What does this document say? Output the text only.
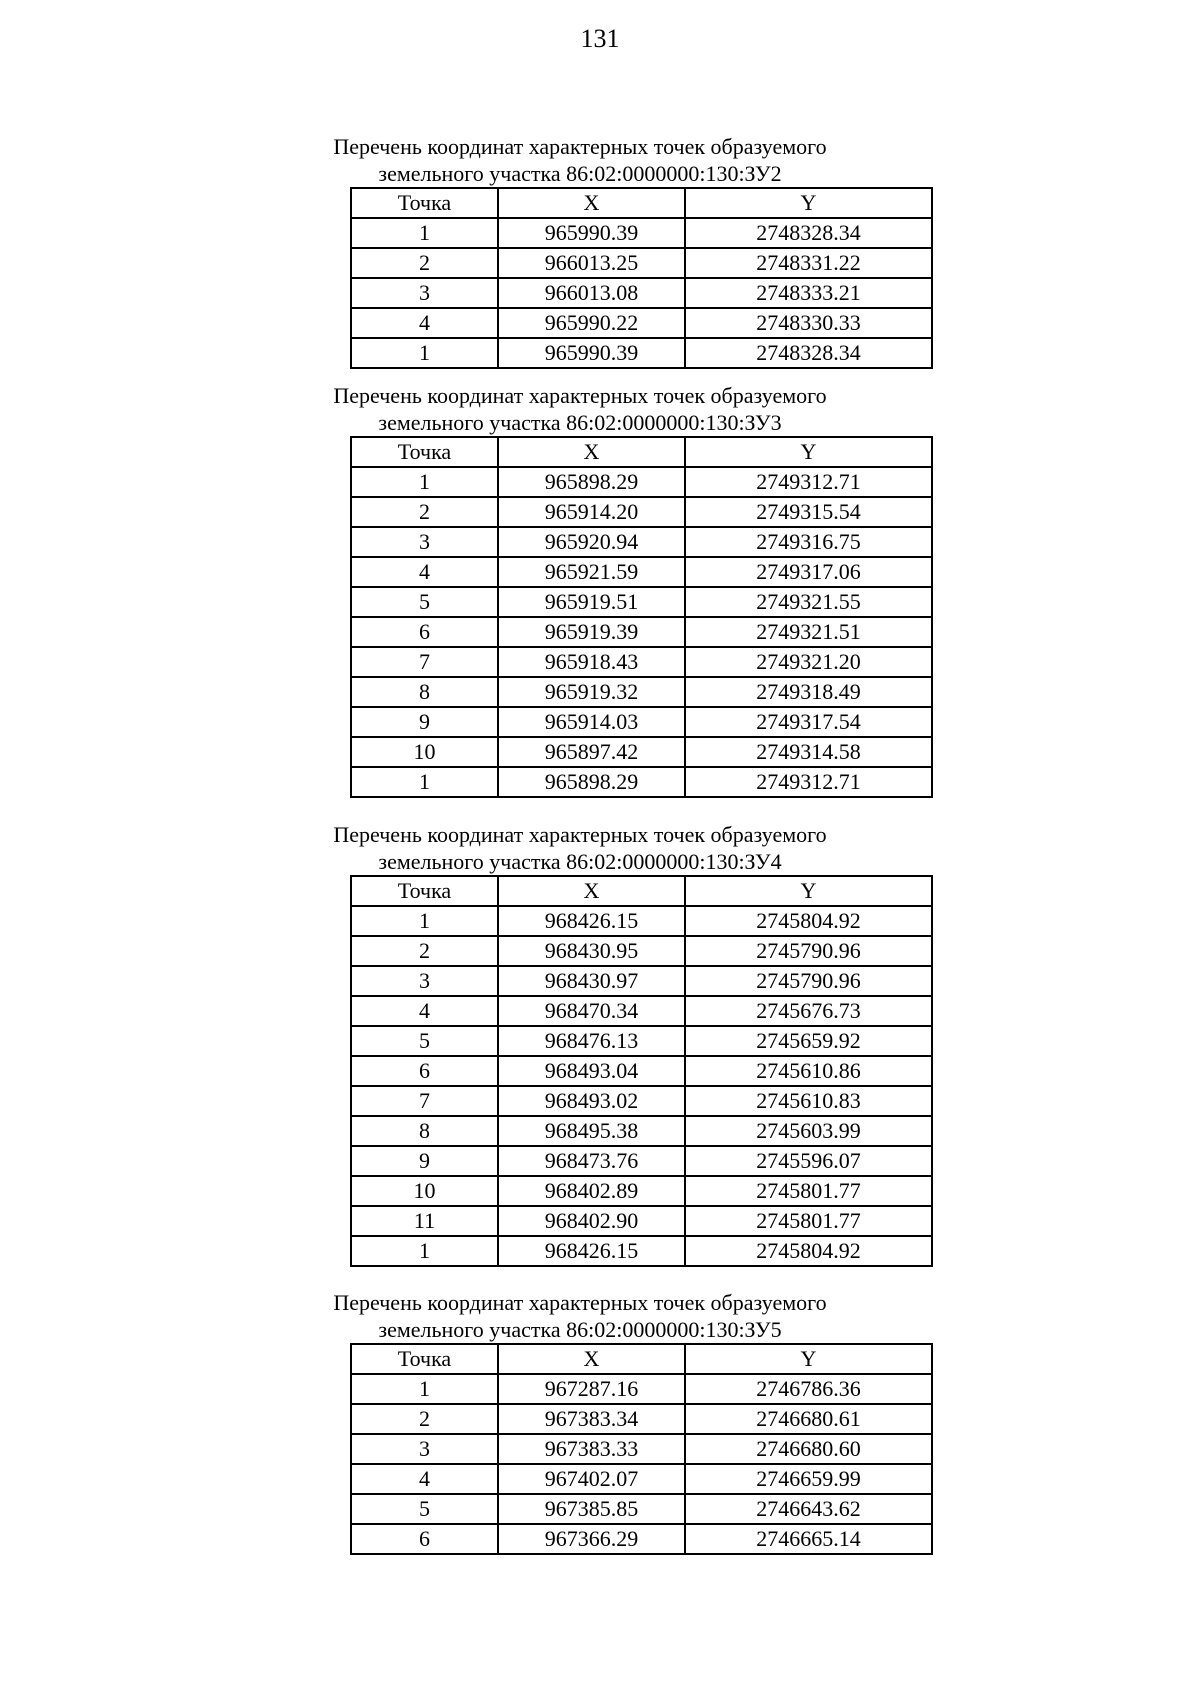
131
Перечень координат характерных точек образуемого
земельного участка 86:02:0000000:130:ЗУ2
Точка	X	Y
1	965990.39	2748328.34
2	966013.25	2748331.22
3	966013.08	2748333.21
4	965990.22	2748330.33
1	965990.39	2748328.34
Перечень координат характерных точек образуемого
земельного участка 86:02:0000000:130:ЗУ3
Точка	X	Y
1	965898.29	2749312.71
2	965914.20	2749315.54
3	965920.94	2749316.75
4	965921.59	2749317.06
5	965919.51	2749321.55
6	965919.39	2749321.51
7	965918.43	2749321.20
8	965919.32	2749318.49
9	965914.03	2749317.54
10	965897.42	2749314.58
1	965898.29	2749312.71
Перечень координат характерных точек образуемого
земельного участка 86:02:0000000:130:ЗУ4
Точка	X	Y
1	968426.15	2745804.92
2	968430.95	2745790.96
3	968430.97	2745790.96
4	968470.34	2745676.73
5	968476.13	2745659.92
6	968493.04	2745610.86
7	968493.02	2745610.83
8	968495.38	2745603.99
9	968473.76	2745596.07
10	968402.89	2745801.77
11	968402.90	2745801.77
1	968426.15	2745804.92
Перечень координат характерных точек образуемого
земельного участка 86:02:0000000:130:ЗУ5
Точка	X	Y
1	967287.16	2746786.36
2	967383.34	2746680.61
3	967383.33	2746680.60
4	967402.07	2746659.99
5	967385.85	2746643.62
6	967366.29	2746665.14
